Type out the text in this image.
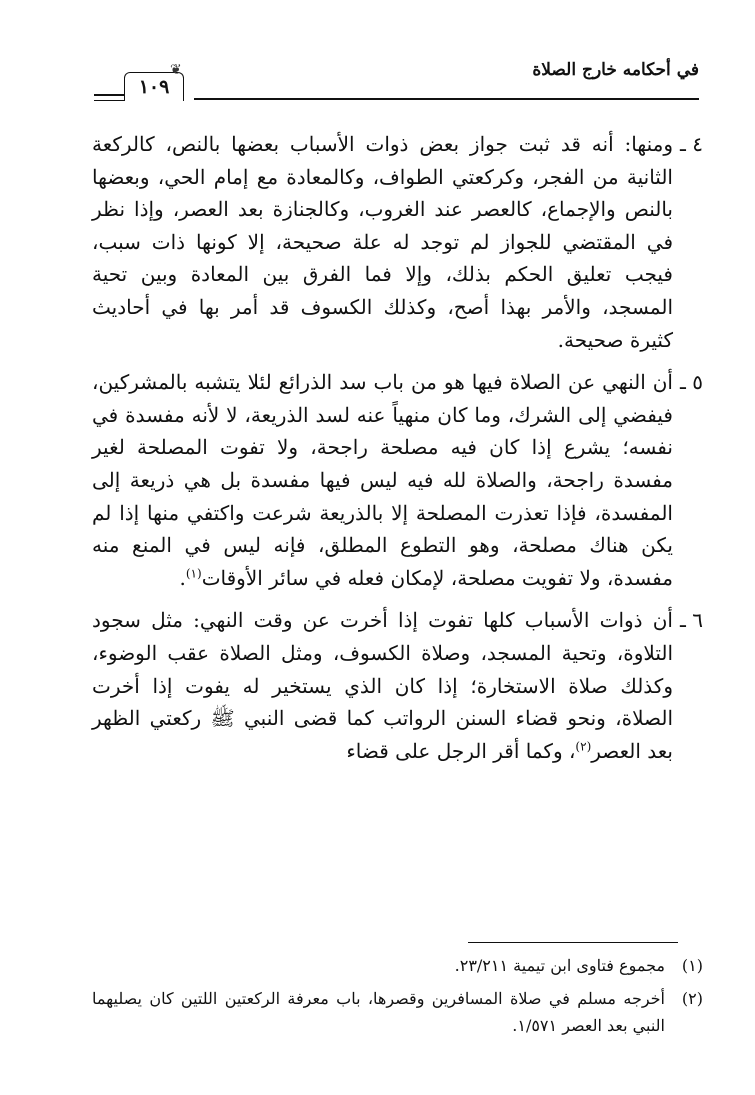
في أحكامه خارج الصلاة
١٠٩
❦
٤ ـ

ومنها: أنه قد ثبت جواز بعض ذوات الأسباب بعضها بالنص، كالركعة الثانية من الفجر، وكركعتي الطواف، وكالمعادة مع إمام الحي، وبعضها بالنص والإجماع، كالعصر عند الغروب، وكالجنازة بعد العصر، وإذا نظر في المقتضي للجواز لم توجد له علة صحيحة، إلا كونها ذات سبب، فيجب تعليق الحكم بذلك، وإلا فما الفرق بين المعادة وبين تحية المسجد، والأمر بهذا أصح، وكذلك الكسوف قد أمر بها في أحاديث كثيرة صحيحة.

٥ ـ

أن النهي عن الصلاة فيها هو من باب سد الذرائع لئلا يتشبه بالمشركين، فيفضي إلى الشرك، وما كان منهياً عنه لسد الذريعة، لا لأنه مفسدة في نفسه؛ يشرع إذا كان فيه مصلحة راجحة، ولا تفوت المصلحة لغير مفسدة راجحة، والصلاة لله فيه ليس فيها مفسدة بل هي ذريعة إلى المفسدة، فإذا تعذرت المصلحة إلا بالذريعة شرعت واكتفي منها إذا لم يكن هناك مصلحة، وهو التطوع المطلق، فإنه ليس في المنع منه مفسدة، ولا تفويت مصلحة، لإمكان فعله في سائر الأوقات$^{(١)}$.

٦ ـ

أن ذوات الأسباب كلها تفوت إذا أخرت عن وقت النهي: مثل سجود التلاوة، وتحية المسجد، وصلاة الكسوف، ومثل الصلاة عقب الوضوء، وكذلك صلاة الاستخارة؛ إذا كان الذي يستخير له يفوت إذا أخرت الصلاة، ونحو قضاء السنن الرواتب كما قضى النبي ﷺ ركعتي الظهر بعد العصر$^{(٢)}$، وكما أقر الرجل على قضاء

(١)
مجموع فتاوى ابن تيمية ٢٣/٢١١.
(٢)
أخرجه مسلم في صلاة المسافرين وقصرها، باب معرفة الركعتين اللتين كان يصليهما النبي بعد العصر ١/٥٧١.
